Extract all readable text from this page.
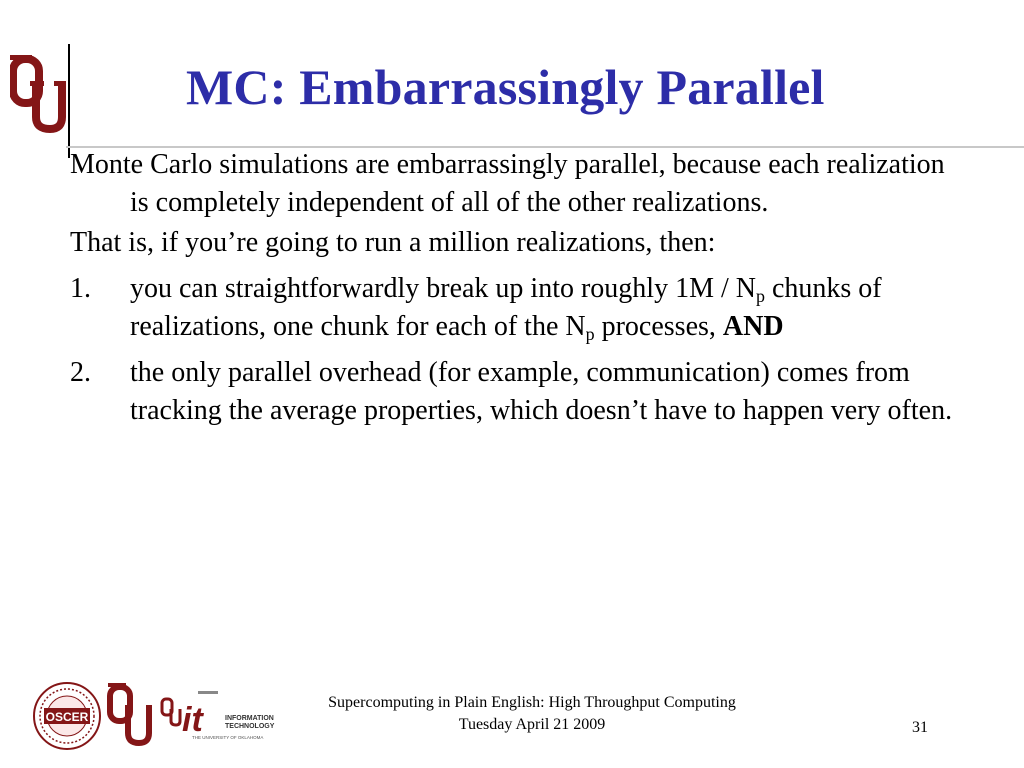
MC: Embarrassingly Parallel

Monte Carlo simulations are embarrassingly parallel, because each realization is completely independent of all of the other realizations.

That is, if you’re going to run a million realizations, then:

1. you can straightforwardly break up into roughly $1M / N_p$ chunks of realizations, one chunk for each of the $N_p$ processes, AND
2. the only parallel overhead (for example, communication) comes from tracking the average properties, which doesn’t have to happen very often.
OSCER	it	INFORMATION
TECHNOLOGY
THE UNIVERSITY OF OKLAHOMA
Supercomputing in Plain English: High Throughput Computing
Tuesday April 21 2009	31
